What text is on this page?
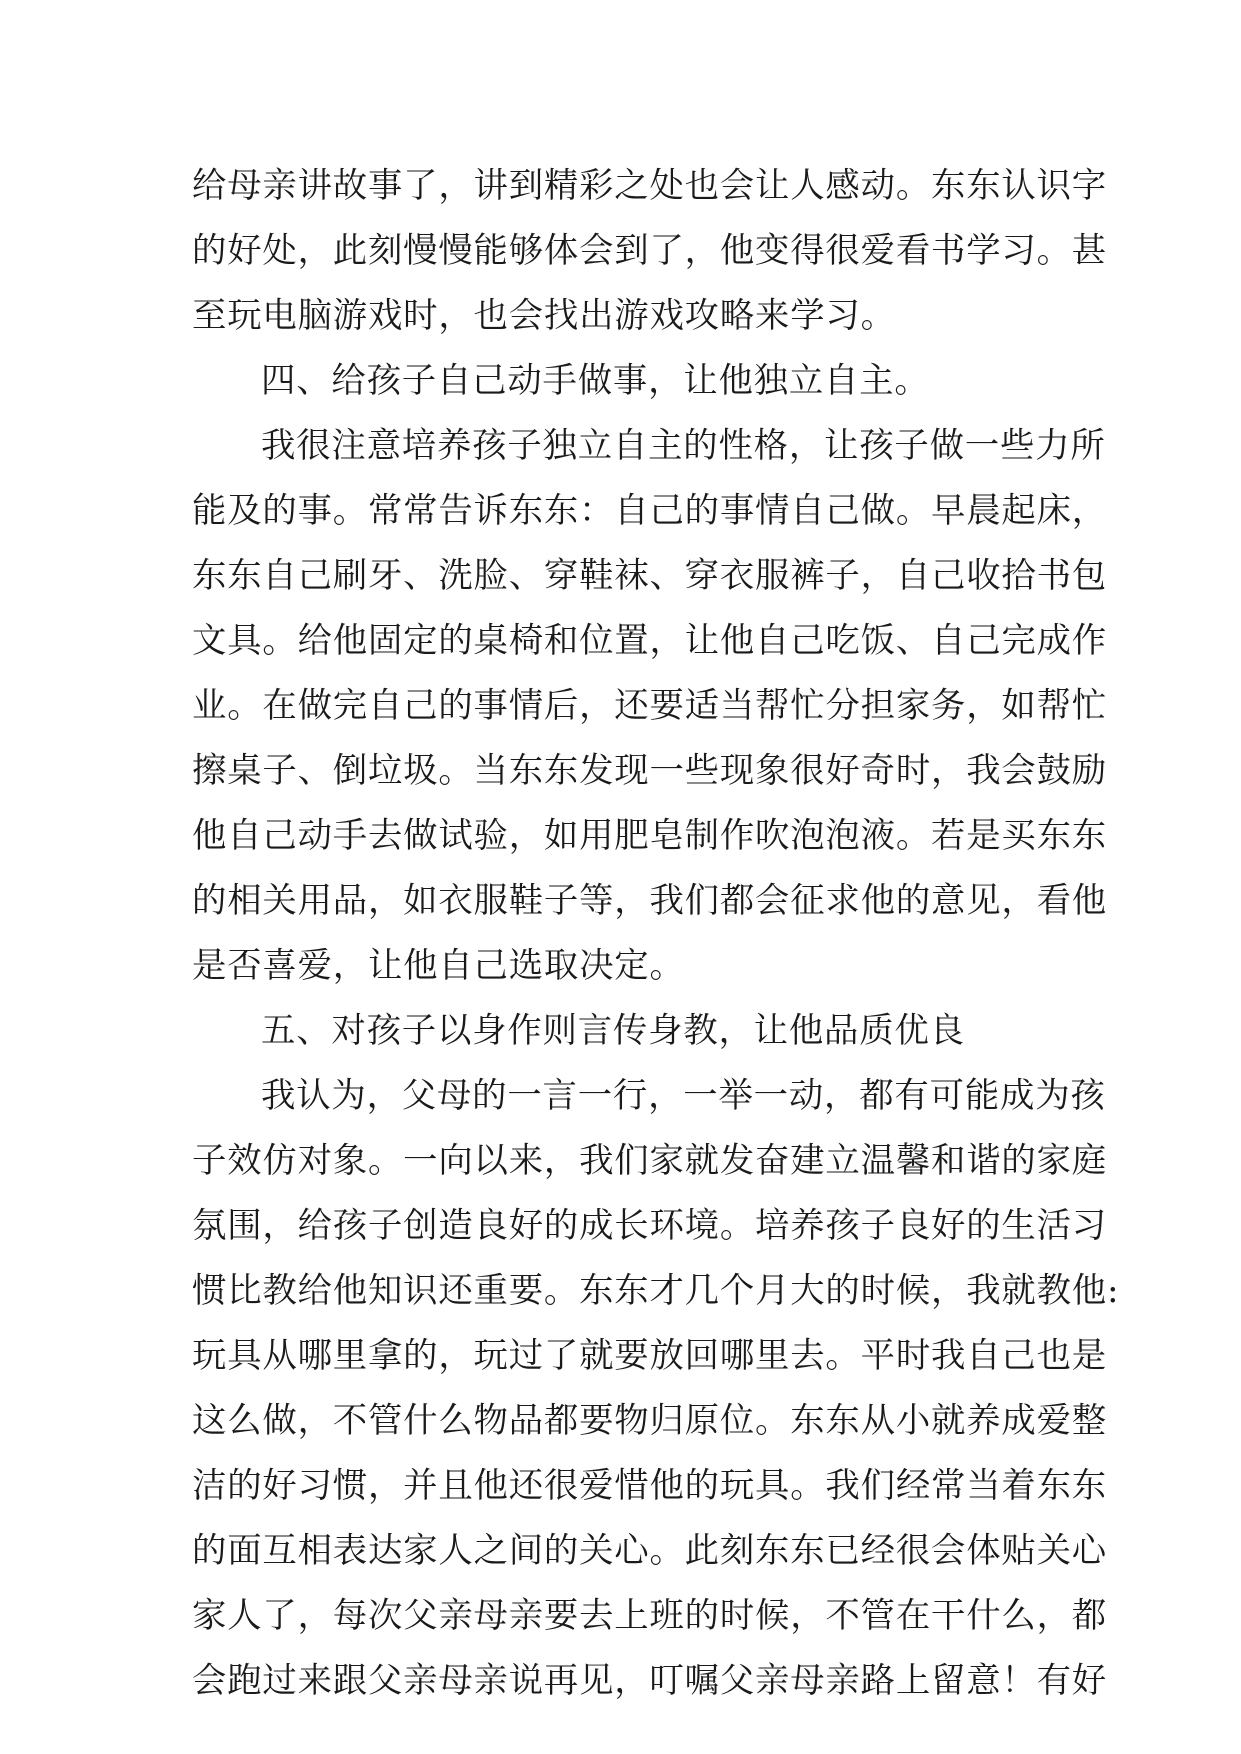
给母亲讲故事了，讲到精彩之处也会让人感动。东东认识字
的好处，此刻慢慢能够体会到了，他变得很爱看书学习。甚
至玩电脑游戏时，也会找出游戏攻略来学习。
四、给孩子自己动手做事，让他独立自主。
我很注意培养孩子独立自主的性格，让孩子做一些力所
能及的事。常常告诉东东：自己的事情自己做。早晨起床，
东东自己刷牙、洗脸、穿鞋袜、穿衣服裤子，自己收拾书包
文具。给他固定的桌椅和位置，让他自己吃饭、自己完成作
业。在做完自己的事情后，还要适当帮忙分担家务，如帮忙
擦桌子、倒垃圾。当东东发现一些现象很好奇时，我会鼓励
他自己动手去做试验，如用肥皂制作吹泡泡液。若是买东东
的相关用品，如衣服鞋子等，我们都会征求他的意见，看他
是否喜爱，让他自己选取决定。
五、对孩子以身作则言传身教，让他品质优良
我认为，父母的一言一行，一举一动，都有可能成为孩
子效仿对象。一向以来，我们家就发奋建立温馨和谐的家庭
氛围，给孩子创造良好的成长环境。培养孩子良好的生活习
惯比教给他知识还重要。东东才几个月大的时候，我就教他:
玩具从哪里拿的，玩过了就要放回哪里去。平时我自己也是
这么做，不管什么物品都要物归原位。东东从小就养成爱整
洁的好习惯，并且他还很爱惜他的玩具。我们经常当着东东
的面互相表达家人之间的关心。此刻东东已经很会体贴关心
家人了，每次父亲母亲要去上班的时候，不管在干什么，都
会跑过来跟父亲母亲说再见，叮嘱父亲母亲路上留意！有好
